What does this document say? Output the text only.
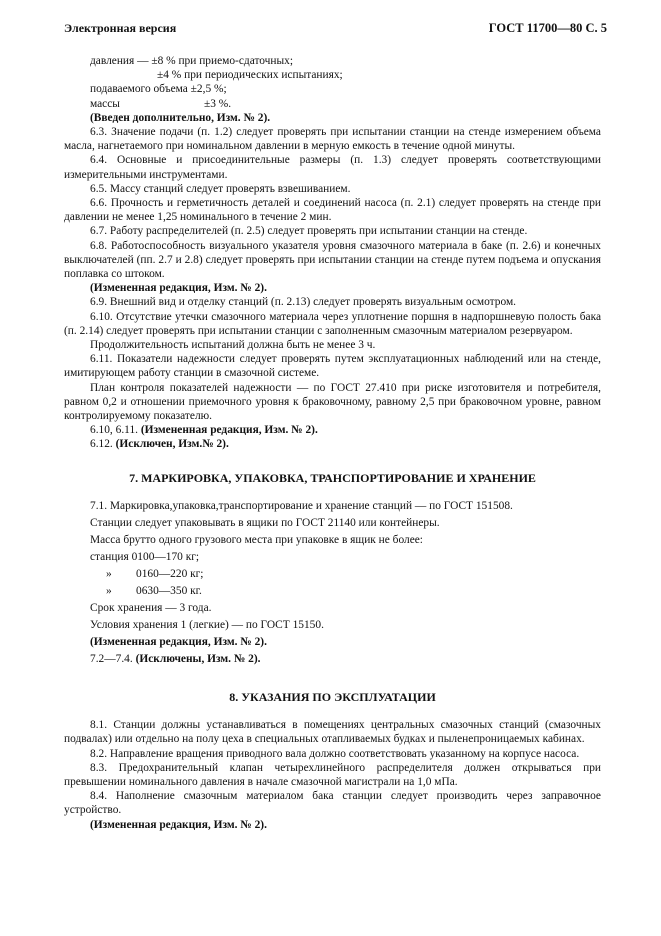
Электронная версия	ГОСТ 11700—80 С. 5

давления — ±8 % при приемо-сдаточных;

±4 % при периодических испытаниях;

подаваемого объема ±2,5 %;

массы	±3 %.

(Введен дополнительно, Изм. № 2).

6.3. Значение подачи (п. 1.2) следует проверять при испытании станции на стенде измерением объема масла, нагнетаемого при номинальном давлении в мерную емкость в течение одной минуты.

6.4. Основные и присоединительные размеры (п. 1.3) следует проверять соответствующими измерительными инструментами.

6.5. Массу станций следует проверять взвешиванием.

6.6. Прочность и герметичность деталей и соединений насоса (п. 2.1) следует проверять на стенде при давлении не менее 1,25 номинального в течение 2 мин.

6.7. Работу распределителей (п. 2.5) следует проверять при испытании станции на стенде.

6.8. Работоспособность визуального указателя уровня смазочного материала в баке (п. 2.6) и конечных выключателей (пп. 2.7 и 2.8) следует проверять при испытании станции на стенде путем подъема и опускания поплавка со штоком.

(Измененная редакция, Изм. № 2).

6.9. Внешний вид и отделку станций (п. 2.13) следует проверять визуальным осмотром.

6.10. Отсутствие утечки смазочного материала через уплотнение поршня в надпоршневую полость бака (п. 2.14) следует проверять при испытании станции с заполненным смазочным материалом резервуаром.

Продолжительность испытаний должна быть не менее 3 ч.

6.11. Показатели надежности следует проверять путем эксплуатационных наблюдений или на стенде, имитирующем работу станции в смазочной системе.

План контроля показателей надежности — по ГОСТ 27.410 при риске изготовителя и потребителя, равном 0,2 и отношении приемочного уровня к браковочному, равному 2,5 при браковочном уровне, равном контролируемому показателю.

6.10, 6.11. (Измененная редакция, Изм. № 2).

6.12. (Исключен, Изм.№ 2).

7. МАРКИРОВКА, УПАКОВКА, ТРАНСПОРТИРОВАНИЕ И ХРАНЕНИЕ

7.1. Маркировка,упаковка,транспортирование и хранение станций — по ГОСТ 151508.

Станции следует упаковывать в ящики по ГОСТ 21140 или контейнеры.

Масса брутто одного грузового места при упаковке в ящик не более:

станция 0100—170 кг;

»	0160—220 кг;
»	0630—350 кг.

Срок хранения — 3 года.

Условия хранения 1 (легкие) — по ГОСТ 15150.

(Измененная редакция, Изм. № 2).

7.2—7.4. (Исключены, Изм. № 2).

8. УКАЗАНИЯ ПО ЭКСПЛУАТАЦИИ

8.1. Станции должны устанавливаться в помещениях центральных смазочных станций (смазочных подвалах) или отдельно на полу цеха в специальных отапливаемых будках и пыленепроницаемых кабинах.

8.2. Направление вращения приводного вала должно соответствовать указанному на корпусе насоса.

8.3. Предохранительный клапан четырехлинейного распределителя должен открываться при превышении номинального давления в начале смазочной магистрали на 1,0 мПа.

8.4. Наполнение смазочным материалом бака станции следует производить через заправочное устройство.

(Измененная редакция, Изм. № 2).
